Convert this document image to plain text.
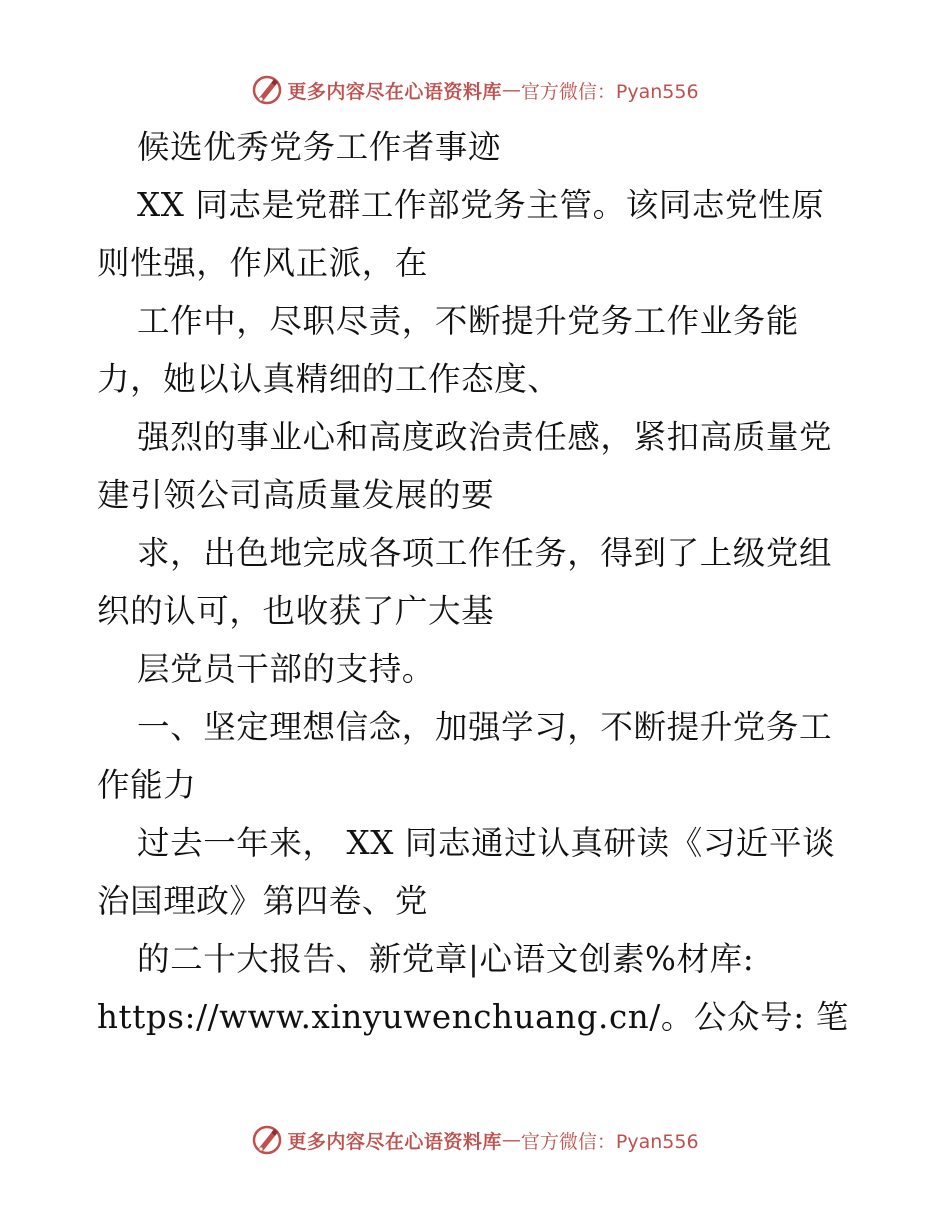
更多内容尽在心语资料库 — 官方微信：Pyan556
候选优秀党务工作者事迹
XX 同志是党群工作部党务主管。该同志党性原
则性强，作风正派，在
工作中，尽职尽责，不断提升党务工作业务能
力，她以认真精细的工作态度、
强烈的事业心和高度政治责任感，紧扣高质量党
建引领公司高质量发展的要
求，出色地完成各项工作任务，得到了上级党组
织的认可，也收获了广大基
层党员干部的支持。
一、坚定理想信念，加强学习，不断提升党务工
作能力
过去一年来， XX 同志通过认真研读《习近平谈
治国理政》第四卷、党
的二十大报告、新党章|心语文创素%材库:
https://www.xinyuwenchuang.cn/。公众号: 笔
更多内容尽在心语资料库 — 官方微信：Pyan556
